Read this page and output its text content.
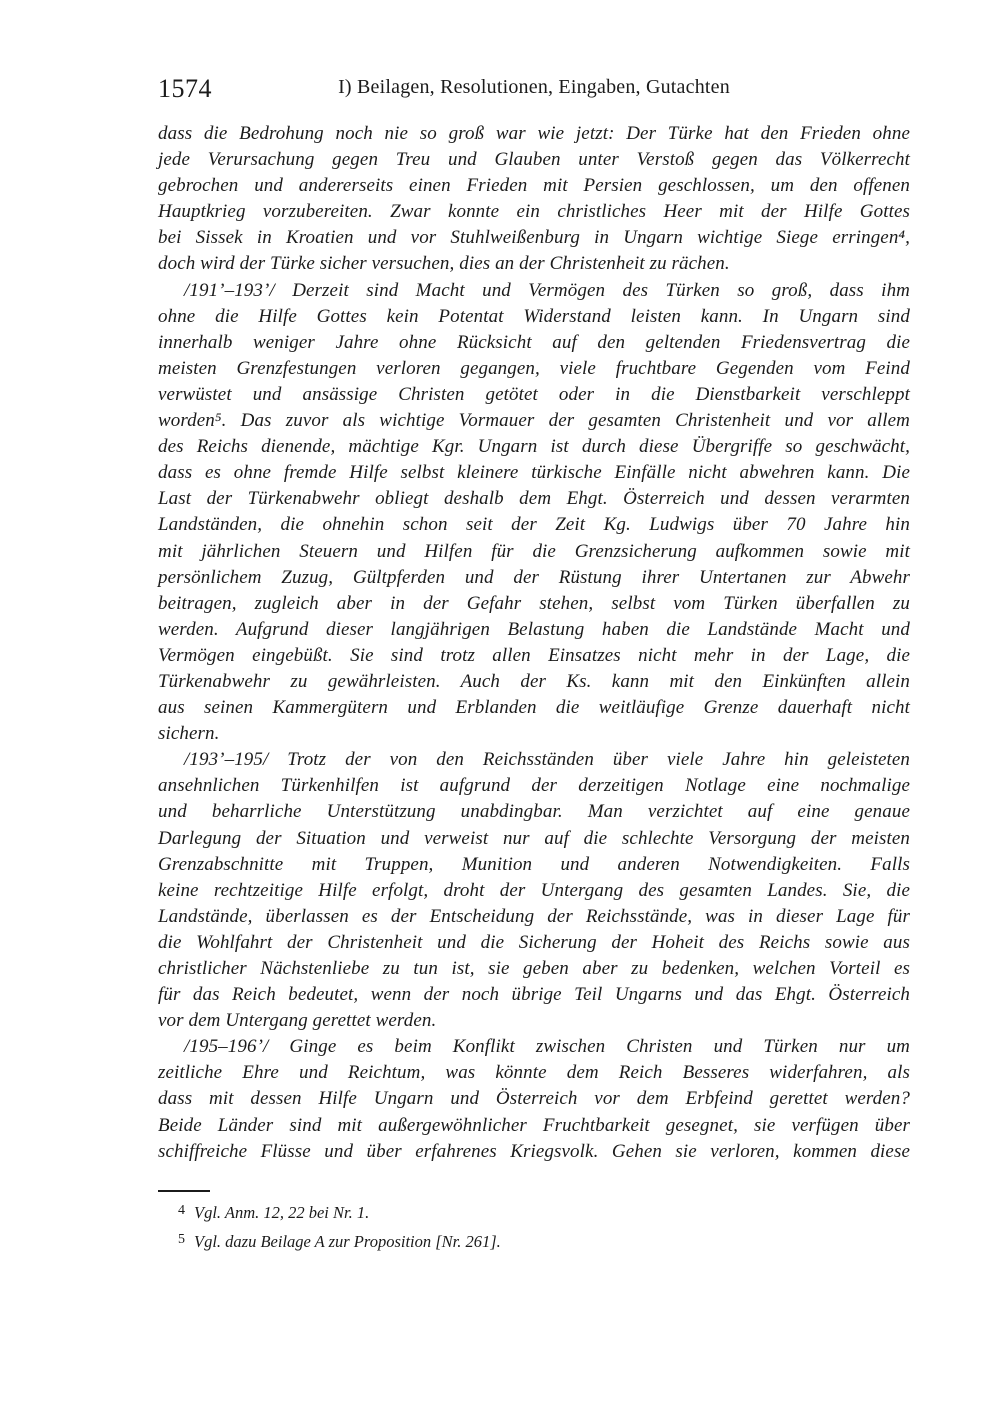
1574	I) Beilagen, Resolutionen, Eingaben, Gutachten
dass die Bedrohung noch nie so groß war wie jetzt: Der Türke hat den Frieden ohne
jede Verursachung gegen Treu und Glauben unter Verstoß gegen das Völkerrecht
gebrochen und andererseits einen Frieden mit Persien geschlossen, um den offenen
Hauptkrieg vorzubereiten. Zwar konnte ein christliches Heer mit der Hilfe Gottes
bei Sissek in Kroatien und vor Stuhlweißenburg in Ungarn wichtige Siege erringen⁴,
doch wird der Türke sicher versuchen, dies an der Christenheit zu rächen.
/191’–193’/ Derzeit sind Macht und Vermögen des Türken so groß, dass ihm
ohne die Hilfe Gottes kein Potentat Widerstand leisten kann. In Ungarn sind
innerhalb weniger Jahre ohne Rücksicht auf den geltenden Friedensvertrag die
meisten Grenzfestungen verloren gegangen, viele fruchtbare Gegenden vom Feind
verwüstet und ansässige Christen getötet oder in die Dienstbarkeit verschleppt
worden⁵. Das zuvor als wichtige Vormauer der gesamten Christenheit und vor allem
des Reichs dienende, mächtige Kgr. Ungarn ist durch diese Übergriffe so geschwächt,
dass es ohne fremde Hilfe selbst kleinere türkische Einfälle nicht abwehren kann. Die
Last der Türkenabwehr obliegt deshalb dem Ehgt. Österreich und dessen verarmten
Landständen, die ohnehin schon seit der Zeit Kg. Ludwigs über 70 Jahre hin
mit jährlichen Steuern und Hilfen für die Grenzsicherung aufkommen sowie mit
persönlichem Zuzug, Gültpferden und der Rüstung ihrer Untertanen zur Abwehr
beitragen, zugleich aber in der Gefahr stehen, selbst vom Türken überfallen zu
werden. Aufgrund dieser langjährigen Belastung haben die Landstände Macht und
Vermögen eingebüßt. Sie sind trotz allen Einsatzes nicht mehr in der Lage, die
Türkenabwehr zu gewährleisten. Auch der Ks. kann mit den Einkünften allein
aus seinen Kammergütern und Erblanden die weitläufige Grenze dauerhaft nicht
sichern.
/193’–195/ Trotz der von den Reichsständen über viele Jahre hin geleisteten
ansehnlichen Türkenhilfen ist aufgrund der derzeitigen Notlage eine nochmalige
und beharrliche Unterstützung unabdingbar. Man verzichtet auf eine genaue
Darlegung der Situation und verweist nur auf die schlechte Versorgung der meisten
Grenzabschnitte mit Truppen, Munition und anderen Notwendigkeiten. Falls
keine rechtzeitige Hilfe erfolgt, droht der Untergang des gesamten Landes. Sie, die
Landstände, überlassen es der Entscheidung der Reichsstände, was in dieser Lage für
die Wohlfahrt der Christenheit und die Sicherung der Hoheit des Reichs sowie aus
christlicher Nächstenliebe zu tun ist, sie geben aber zu bedenken, welchen Vorteil es
für das Reich bedeutet, wenn der noch übrige Teil Ungarns und das Ehgt. Österreich
vor dem Untergang gerettet werden.
/195–196’/ Ginge es beim Konflikt zwischen Christen und Türken nur um
zeitliche Ehre und Reichtum, was könnte dem Reich Besseres widerfahren, als
dass mit dessen Hilfe Ungarn und Österreich vor dem Erbfeind gerettet werden?
Beide Länder sind mit außergewöhnlicher Fruchtbarkeit gesegnet, sie verfügen über
schiffreiche Flüsse und über erfahrenes Kriegsvolk. Gehen sie verloren, kommen diese
$^4$ Vgl. Anm. 12, 22 bei Nr. 1.
$^5$ Vgl. dazu Beilage A zur Proposition [Nr. 261].
